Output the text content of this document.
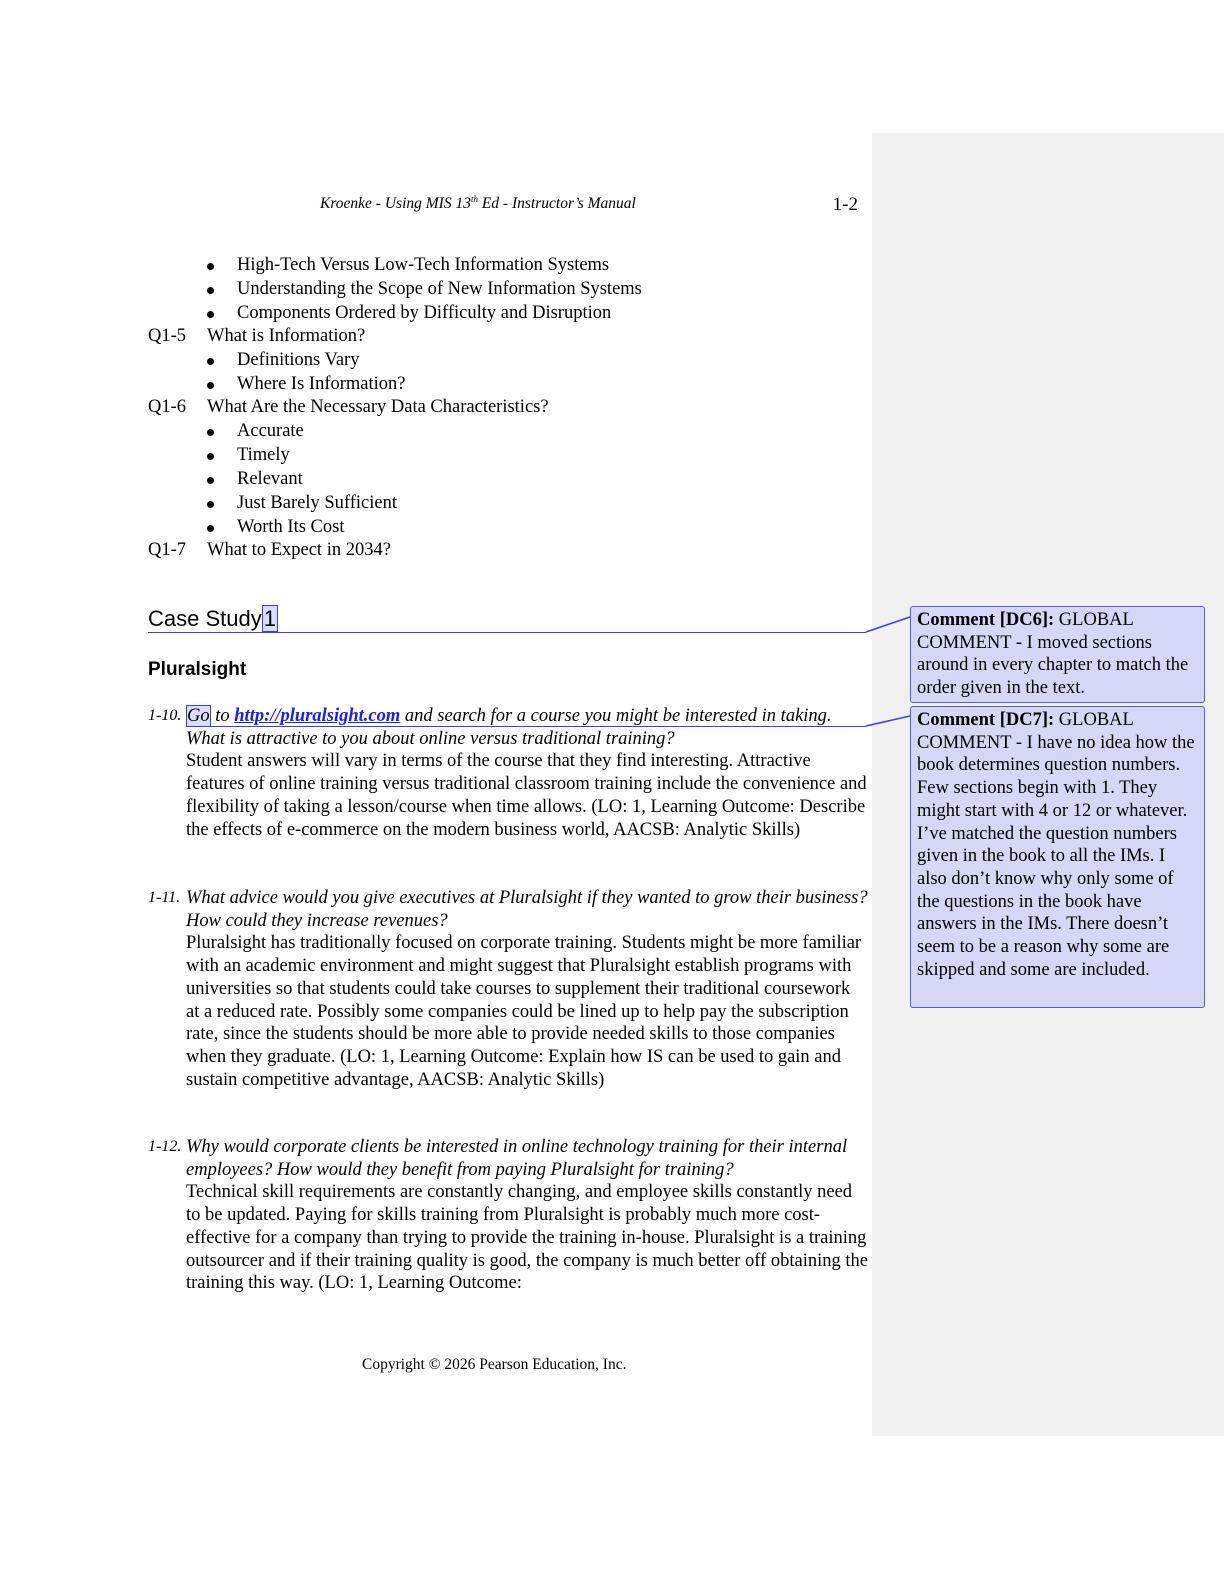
Kroenke - Using MIS 13th Ed - Instructor’s Manual	1-2
High-Tech Versus Low-Tech Information Systems
Understanding the Scope of New Information Systems
Components Ordered by Difficulty and Disruption
Q1-5 What is Information?
Definitions Vary
Where Is Information?
Q1-6 What Are the Necessary Data Characteristics?
Accurate
Timely
Relevant
Just Barely Sufficient
Worth Its Cost
Q1-7 What to Expect in 2034?
Case Study1
Pluralsight
1-10. Go to http://pluralsight.com and search for a course you might be interested in taking. What is attractive to you about online versus traditional training?
Student answers will vary in terms of the course that they find interesting. Attractive features of online training versus traditional classroom training include the convenience and flexibility of taking a lesson/course when time allows. (LO: 1, Learning Outcome: Describe the effects of e-commerce on the modern business world, AACSB: Analytic Skills)
1-11. What advice would you give executives at Pluralsight if they wanted to grow their business? How could they increase revenues?
Pluralsight has traditionally focused on corporate training. Students might be more familiar with an academic environment and might suggest that Pluralsight establish programs with universities so that students could take courses to supplement their traditional coursework at a reduced rate. Possibly some companies could be lined up to help pay the subscription rate, since the students should be more able to provide needed skills to those companies when they graduate. (LO: 1, Learning Outcome: Explain how IS can be used to gain and sustain competitive advantage, AACSB: Analytic Skills)
1-12. Why would corporate clients be interested in online technology training for their internal employees? How would they benefit from paying Pluralsight for training?
Technical skill requirements are constantly changing, and employee skills constantly need to be updated. Paying for skills training from Pluralsight is probably much more cost-effective for a company than trying to provide the training in-house. Pluralsight is a training outsourcer and if their training quality is good, the company is much better off obtaining the training this way. (LO: 1, Learning Outcome:
Copyright © 2026 Pearson Education, Inc.
Comment [DC6]: GLOBAL COMMENT - I moved sections around in every chapter to match the order given in the text.
Comment [DC7]: GLOBAL COMMENT - I have no idea how the book determines question numbers. Few sections begin with 1. They might start with 4 or 12 or whatever. I’ve matched the question numbers given in the book to all the IMs. I also don’t know why only some of the questions in the book have answers in the IMs. There doesn’t seem to be a reason why some are skipped and some are included.
